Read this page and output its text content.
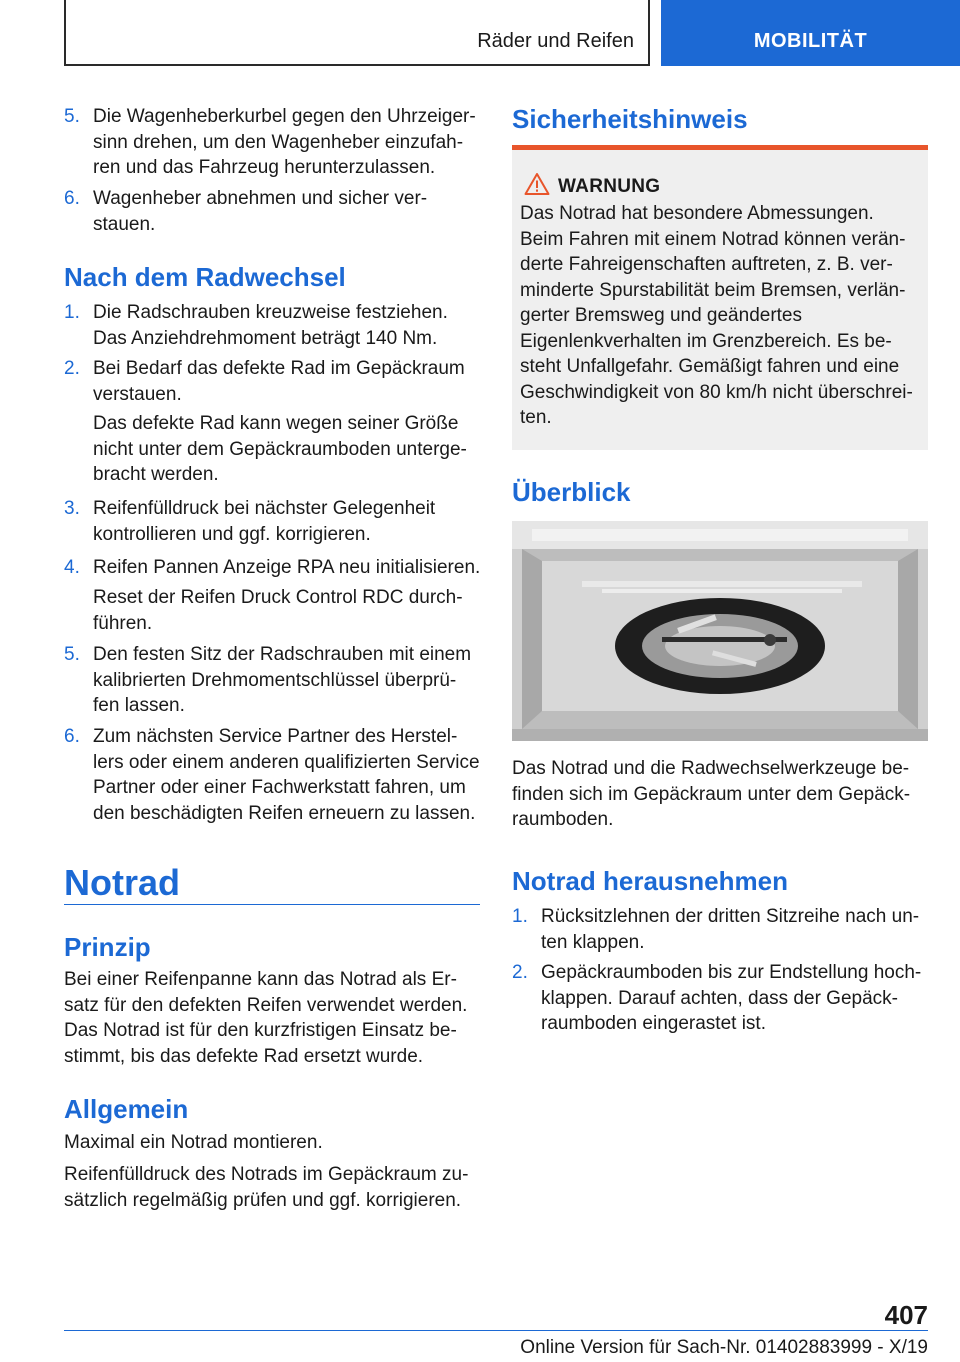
Räder und Reifen	MOBILITÄT
5. Die Wagenheberkurbel gegen den Uhrzeiger-
sinn drehen, um den Wagenheber einzufah-
ren und das Fahrzeug herunterzulassen.
6. Wagenheber abnehmen und sicher ver-
stauen.
Nach dem Radwechsel
1. Die Radschrauben kreuzweise festziehen.
Das Anziehdrehmoment beträgt 140 Nm.
2. Bei Bedarf das defekte Rad im Gepäckraum
verstauen.
Das defekte Rad kann wegen seiner Größe
nicht unter dem Gepäckraumboden unterge-
bracht werden.
3. Reifenfülldruck bei nächster Gelegenheit
kontrollieren und ggf. korrigieren.
4. Reifen Pannen Anzeige RPA neu initialisieren.
Reset der Reifen Druck Control RDC durch-
führen.
5. Den festen Sitz der Radschrauben mit einem
kalibrierten Drehmomentschlüssel überprü-
fen lassen.
6. Zum nächsten Service Partner des Herstel-
lers oder einem anderen qualifizierten Service
Partner oder einer Fachwerkstatt fahren, um
den beschädigten Reifen erneuern zu lassen.
Notrad
Prinzip
Bei einer Reifenpanne kann das Notrad als Er-
satz für den defekten Reifen verwendet werden.
Das Notrad ist für den kurzfristigen Einsatz be-
stimmt, bis das defekte Rad ersetzt wurde.
Allgemein
Maximal ein Notrad montieren.
Reifenfülldruck des Notrads im Gepäckraum zu-
sätzlich regelmäßig prüfen und ggf. korrigieren.
Sicherheitshinweis
WARNUNG
Das Notrad hat besondere Abmessungen.
Beim Fahren mit einem Notrad können verän-
derte Fahreigenschaften auftreten, z. B. ver-
minderte Spurstabilität beim Bremsen, verlän-
gerter Bremsweg und geändertes
Eigenlenkverhalten im Grenzbereich. Es be-
steht Unfallgefahr. Gemäßigt fahren und eine
Geschwindigkeit von 80 km/h nicht überschrei-
ten.
Überblick
Das Notrad und die Radwechselwerkzeuge be-
finden sich im Gepäckraum unter dem Gepäck-
raumboden.
Notrad herausnehmen
1. Rücksitzlehnen der dritten Sitzreihe nach un-
ten klappen.
2. Gepäckraumboden bis zur Endstellung hoch-
klappen. Darauf achten, dass der Gepäck-
raumboden eingerastet ist.
407
Online Version für Sach-Nr. 01402883999 - X/19
